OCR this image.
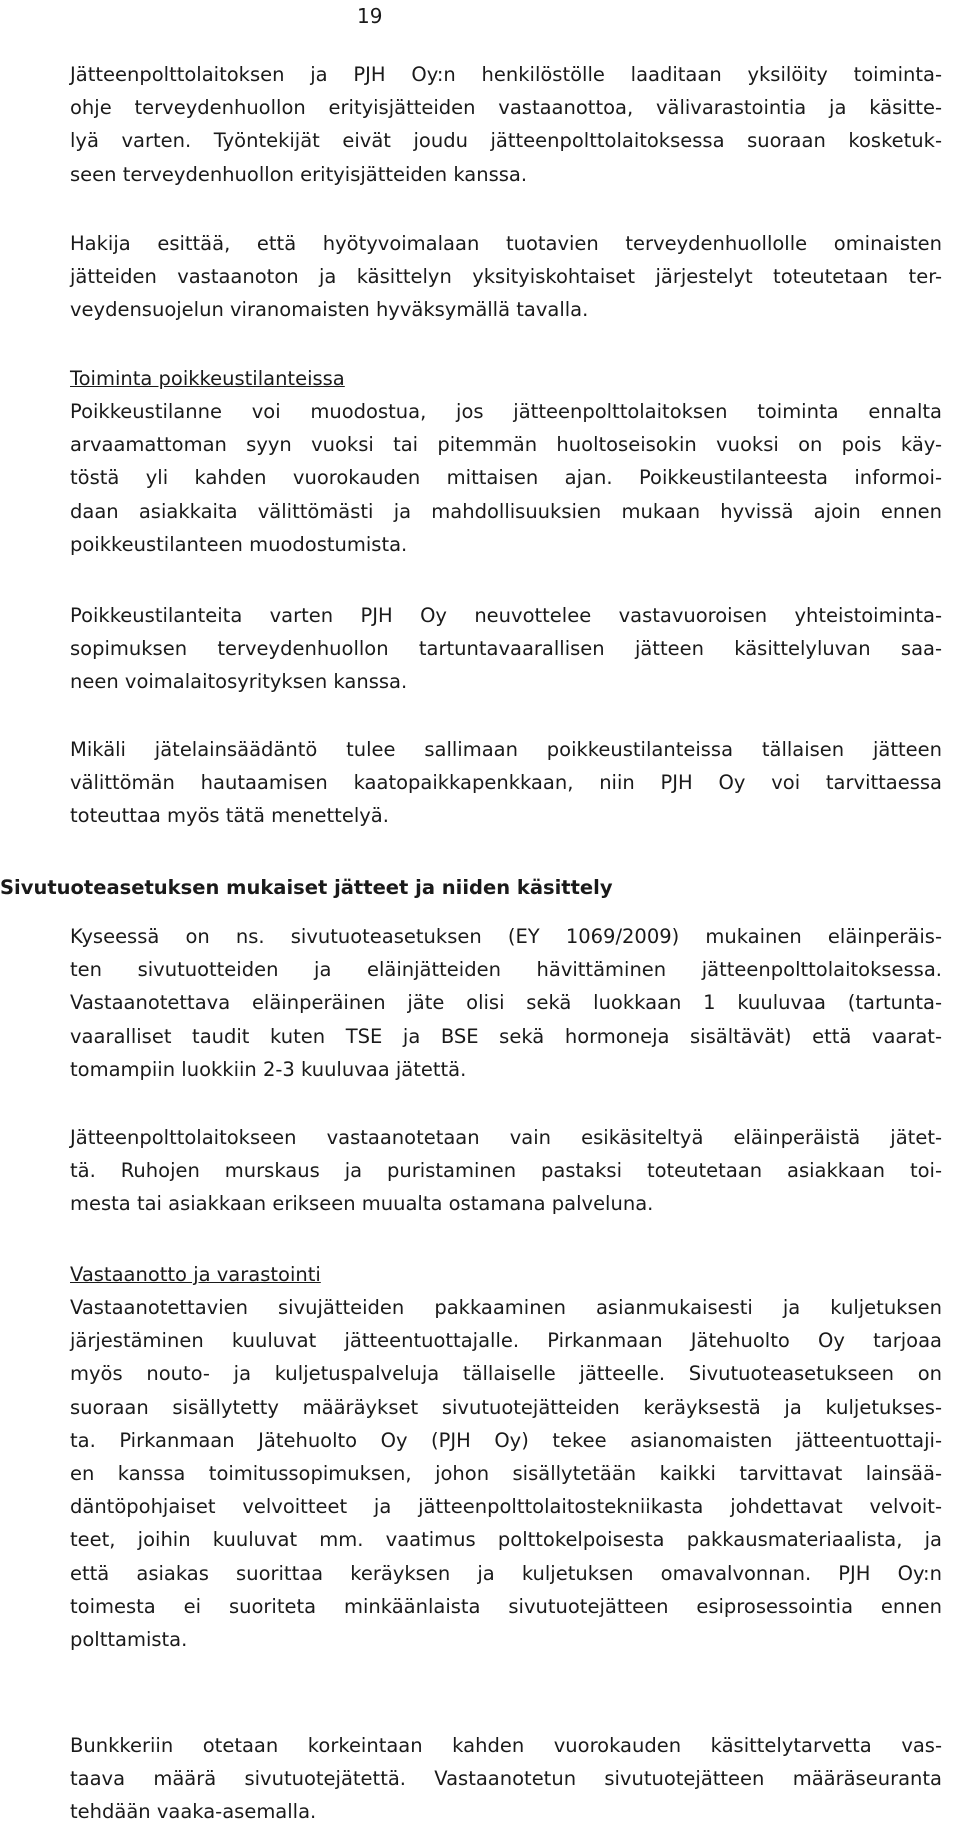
19

Jätteenpolttolaitoksen ja PJH Oy:n henkilöstölle laaditaan yksilöity toiminta-
ohje terveydenhuollon erityisjätteiden vastaanottoa, välivarastointia ja käsitte-
lyä varten. Työntekijät eivät joudu jätteenpolttolaitoksessa suoraan kosketuk-
seen terveydenhuollon erityisjätteiden kanssa.
Hakija esittää, että hyötyvoimalaan tuotavien terveydenhuollolle ominaisten
jätteiden vastaanoton ja käsittelyn yksityiskohtaiset järjestelyt toteutetaan ter-
veydensuojelun viranomaisten hyväksymällä tavalla.
Toiminta poikkeustilanteissa
Poikkeustilanne voi muodostua, jos jätteenpolttolaitoksen toiminta ennalta
arvaamattoman syyn vuoksi tai pitemmän huoltoseisokin vuoksi on pois käy-
töstä yli kahden vuorokauden mittaisen ajan. Poikkeustilanteesta informoi-
daan asiakkaita välittömästi ja mahdollisuuksien mukaan hyvissä ajoin ennen
poikkeustilanteen muodostumista.
Poikkeustilanteita varten PJH Oy neuvottelee vastavuoroisen yhteistoiminta-
sopimuksen terveydenhuollon tartuntavaarallisen jätteen käsittelyluvan saa-
neen voimalaitosyrityksen kanssa.
Mikäli jätelainsäädäntö tulee sallimaan poikkeustilanteissa tällaisen jätteen
välittömän hautaamisen kaatopaikkapenkkaan, niin PJH Oy voi tarvittaessa
toteuttaa myös tätä menettelyä.
Sivutuoteasetuksen mukaiset jätteet ja niiden käsittely
Kyseessä on ns. sivutuoteasetuksen (EY 1069/2009) mukainen eläinperäis-
ten sivutuotteiden ja eläinjätteiden hävittäminen jätteenpolttolaitoksessa.
Vastaanotettava eläinperäinen jäte olisi sekä luokkaan 1 kuuluvaa (tartunta-
vaaralliset taudit kuten TSE ja BSE sekä hormoneja sisältävät) että vaarat-
tomampiin luokkiin 2-3 kuuluvaa jätettä.
Jätteenpolttolaitokseen vastaanotetaan vain esikäsiteltyä eläinperäistä jätet-
tä. Ruhojen murskaus ja puristaminen pastaksi toteutetaan asiakkaan toi-
mesta tai asiakkaan erikseen muualta ostamana palveluna.
Vastaanotto ja varastointi
Vastaanotettavien sivujätteiden pakkaaminen asianmukaisesti ja kuljetuksen
järjestäminen kuuluvat jätteentuottajalle. Pirkanmaan Jätehuolto Oy tarjoaa
myös nouto- ja kuljetuspalveluja tällaiselle jätteelle. Sivutuoteasetukseen on
suoraan sisällytetty määräykset sivutuotejätteiden keräyksestä ja kuljetukses-
ta. Pirkanmaan Jätehuolto Oy (PJH Oy) tekee asianomaisten jätteentuottaji-
en kanssa toimitussopimuksen, johon sisällytetään kaikki tarvittavat lainsää-
däntöpohjaiset velvoitteet ja jätteenpolttolaitostekniikasta johdettavat velvoit-
teet, joihin kuuluvat mm. vaatimus polttokelpoisesta pakkausmateriaalista, ja
että asiakas suorittaa keräyksen ja kuljetuksen omavalvonnan. PJH Oy:n
toimesta ei suoriteta minkäänlaista sivutuotejätteen esiprosessointia ennen
polttamista.
Bunkkeriin otetaan korkeintaan kahden vuorokauden käsittelytarvetta vas-
taava määrä sivutuotejätettä. Vastaanotetun sivutuotejätteen määräseuranta
tehdään vaaka-asemalla.
